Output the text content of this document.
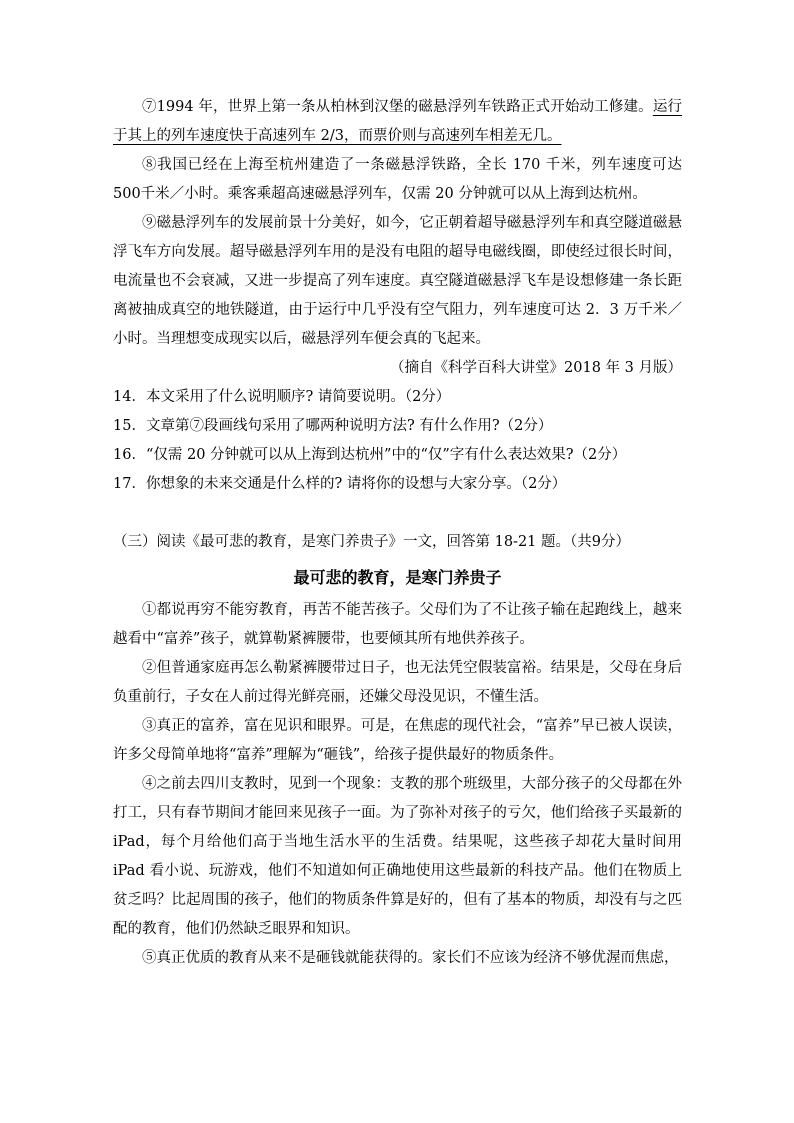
⑦1994 年，世界上第一条从柏林到汉堡的磁悬浮列车铁路正式开始动工修建。运行于其上的列车速度快于高速列车 2/3，而票价则与高速列车相差无几。

⑧我国已经在上海至杭州建造了一条磁悬浮铁路，全长 170 千米，列车速度可达 500千米／小时。乘客乘超高速磁悬浮列车，仅需 20 分钟就可以从上海到达杭州。

⑨磁悬浮列车的发展前景十分美好，如今，它正朝着超导磁悬浮列车和真空隧道磁悬浮飞车方向发展。超导磁悬浮列车用的是没有电阻的超导电磁线圈，即使经过很长时间，电流量也不会衰减，又进一步提高了列车速度。真空隧道磁悬浮飞车是设想修建一条长距离被抽成真空的地铁隧道，由于运行中几乎没有空气阻力，列车速度可达 2．3 万千米／小时。当理想变成现实以后，磁悬浮列车便会真的飞起来。

（摘自《科学百科大讲堂》2018 年 3 月版）

14．本文采用了什么说明顺序? 请简要说明。（2分）

15．文章第⑦段画线句采用了哪两种说明方法? 有什么作用?（2分）

16．“仅需 20 分钟就可以从上海到达杭州”中的“仅”字有什么表达效果?（2分）

17．你想象的未来交通是什么样的? 请将你的设想与大家分享。（2分）

（三）阅读《最可悲的教育，是寒门养贵子》一文，回答第 18-21 题。（共9分）

最可悲的教育，是寒门养贵子

①都说再穷不能穷教育，再苦不能苦孩子。父母们为了不让孩子输在起跑线上，越来越看中“富养”孩子，就算勒紧裤腰带，也要倾其所有地供养孩子。

②但普通家庭再怎么勒紧裤腰带过日子，也无法凭空假装富裕。结果是，父母在身后负重前行，子女在人前过得光鲜亮丽，还嫌父母没见识，不懂生活。

③真正的富养，富在见识和眼界。可是，在焦虑的现代社会，“富养”早已被人误读，许多父母简单地将“富养”理解为“砸钱”，给孩子提供最好的物质条件。

④之前去四川支教时，见到一个现象：支教的那个班级里，大部分孩子的父母都在外打工，只有春节期间才能回来见孩子一面。为了弥补对孩子的亏欠，他们给孩子买最新的 iPad，每个月给他们高于当地生活水平的生活费。结果呢，这些孩子却花大量时间用 iPad 看小说、玩游戏，他们不知道如何正确地使用这些最新的科技产品。他们在物质上贫乏吗？比起周围的孩子，他们的物质条件算是好的，但有了基本的物质，却没有与之匹配的教育，他们仍然缺乏眼界和知识。

⑤真正优质的教育从来不是砸钱就能获得的。家长们不应该为经济不够优渥而焦虑，
